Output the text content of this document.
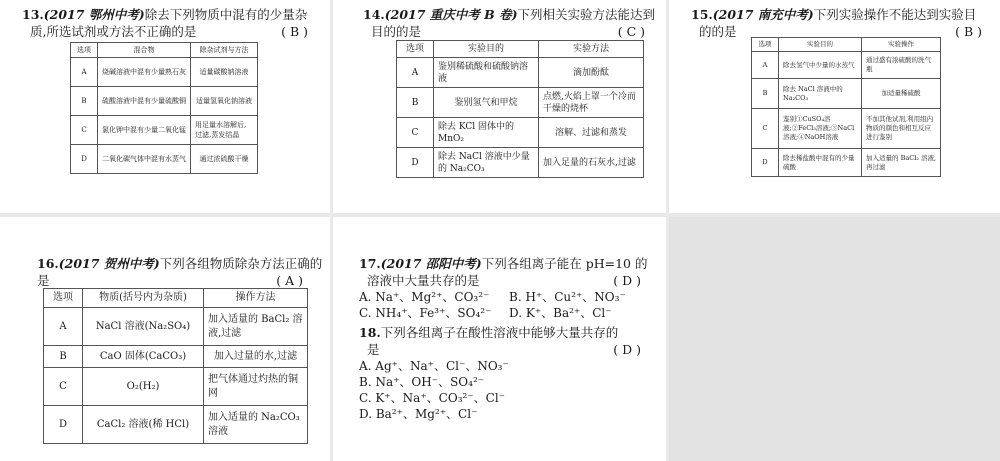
13.(2017 鄂州中考)除去下列物质中混有的少量杂
质,所选试剂或方法不正确的是	( B )
选项	混合物	除杂试剂与方法
A	烧碱溶液中混有少量熟石灰	适量碳酸钠溶液
B	硫酸溶液中混有少量硫酸铜	适量氢氧化钠溶液
C	氯化钾中混有少量二氧化锰	用足量水溶解后,过滤,蒸发结晶
D	二氧化碳气体中混有水蒸气	通过浓硫酸干燥
14.(2017 重庆中考 B 卷)下列相关实验方法能达到
目的的是	( C )
选项	实验目的	实验方法
A	鉴别稀硫酸和硫酸钠溶液	滴加酚酞
B	鉴别氢气和甲烷	点燃,火焰上罩一个冷而干燥的烧杯
C	除去 KCl 固体中的 MnO₂	溶解、过滤和蒸发
D	除去 NaCl 溶液中少量的 Na₂CO₃	加入足量的石灰水,过滤
15.(2017 南充中考)下列实验操作不能达到实验目
的的是	( B )
选项	实验目的	实验操作
A	除去氢气中少量的水蒸气	通过盛有浓硫酸的洗气瓶
B	除去 NaCl 溶液中的 Na₂CO₃	加适量稀硫酸
C	鉴别①CuSO₄溶液;②FeCl₃溶液;③NaCl溶液;④NaOH溶液	不加其他试剂,利用组内物质的颜色和相互反应进行鉴别
D	除去稀盐酸中混有的少量硫酸	加入适量的 BaCl₂ 溶液,再过滤
16.(2017 贺州中考)下列各组物质除杂方法正确的
是	( A )
选项	物质(括号内为杂质)	操作方法
A	NaCl 溶液(Na₂SO₄)	加入适量的 BaCl₂ 溶液,过滤
B	CaO 固体(CaCO₃)	加入过量的水,过滤
C	O₂(H₂)	把气体通过灼热的铜网
D	CaCl₂ 溶液(稀 HCl)	加入适量的 Na₂CO₃ 溶液
17.(2017 邵阳中考)下列各组离子能在 pH=10 的
溶液中大量共存的是	( D )
A. Na⁺、Mg²⁺、CO₃²⁻ B. H⁺、Cu²⁺、NO₃⁻
C. NH₄⁺、Fe³⁺、SO₄²⁻ D. K⁺、Ba²⁺、Cl⁻
18.下列各组离子在酸性溶液中能够大量共存的
是	( D )
A. Ag⁺、Na⁺、Cl⁻、NO₃⁻
B. Na⁺、OH⁻、SO₄²⁻
C. K⁺、Na⁺、CO₃²⁻、Cl⁻
D. Ba²⁺、Mg²⁺、Cl⁻
